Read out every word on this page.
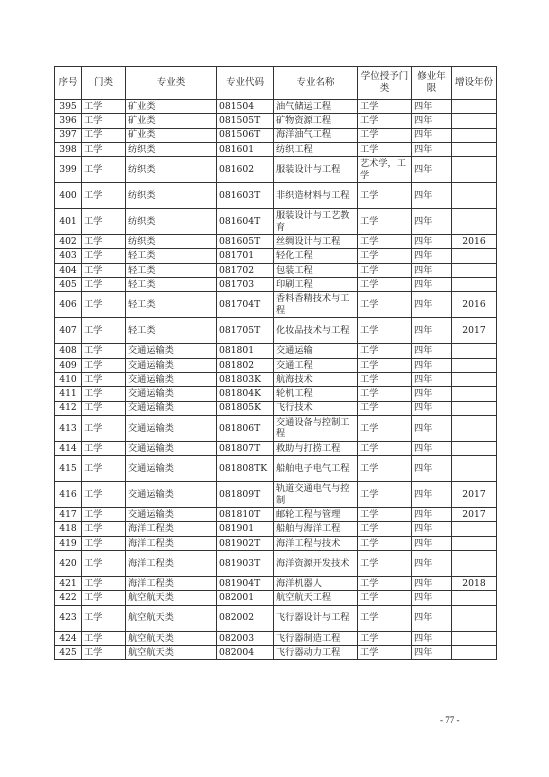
序号	门类	专业类	专业代码	专业名称	学位授予门类	修业年限	增设年份
395	工学	矿业类	081504	油气储运工程	工学	四年	
396	工学	矿业类	081505T	矿物资源工程	工学	四年	
397	工学	矿业类	081506T	海洋油气工程	工学	四年	
398	工学	纺织类	081601	纺织工程	工学	四年	
399	工学	纺织类	081602	服装设计与工程	艺术学，工学	四年	
400	工学	纺织类	081603T	非织造材料与工程	工学	四年	
401	工学	纺织类	081604T	服装设计与工艺教育	工学	四年	
402	工学	纺织类	081605T	丝绸设计与工程	工学	四年	2016
403	工学	轻工类	081701	轻化工程	工学	四年	
404	工学	轻工类	081702	包装工程	工学	四年	
405	工学	轻工类	081703	印刷工程	工学	四年	
406	工学	轻工类	081704T	香料香精技术与工程	工学	四年	2016
407	工学	轻工类	081705T	化妆品技术与工程	工学	四年	2017
408	工学	交通运输类	081801	交通运输	工学	四年	
409	工学	交通运输类	081802	交通工程	工学	四年	
410	工学	交通运输类	081803K	航海技术	工学	四年	
411	工学	交通运输类	081804K	轮机工程	工学	四年	
412	工学	交通运输类	081805K	飞行技术	工学	四年	
413	工学	交通运输类	081806T	交通设备与控制工程	工学	四年	
414	工学	交通运输类	081807T	救助与打捞工程	工学	四年	
415	工学	交通运输类	081808TK	船舶电子电气工程	工学	四年	
416	工学	交通运输类	081809T	轨道交通电气与控制	工学	四年	2017
417	工学	交通运输类	081810T	邮轮工程与管理	工学	四年	2017
418	工学	海洋工程类	081901	船舶与海洋工程	工学	四年	
419	工学	海洋工程类	081902T	海洋工程与技术	工学	四年	
420	工学	海洋工程类	081903T	海洋资源开发技术	工学	四年	
421	工学	海洋工程类	081904T	海洋机器人	工学	四年	2018
422	工学	航空航天类	082001	航空航天工程	工学	四年	
423	工学	航空航天类	082002	飞行器设计与工程	工学	四年	
424	工学	航空航天类	082003	飞行器制造工程	工学	四年	
425	工学	航空航天类	082004	飞行器动力工程	工学	四年	
- 77 -
